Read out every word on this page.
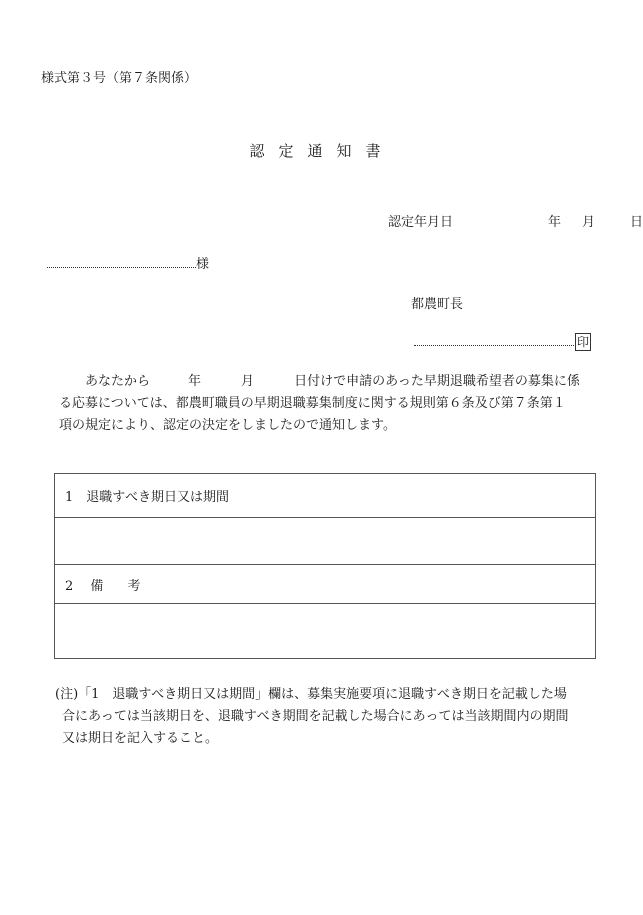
様式第３号（第７条関係）
認定通知書
認定年月日	年 月	日
様
都農町長
印

　　あなたから	年	月	日付けで申請のあった早期退職希望者の募集に係

る応募については、都農町職員の早期退職募集制度に関する規則第６条及び第７条第１

項の規定により、認定の決定をしましたので通知します。

1　退職すべき期日又は期間

2　 備 考

(注)「1　退職すべき期日又は期間」欄は、募集実施要項に退職すべき期日を記載した場
合にあっては当該期日を、退職すべき期間を記載した場合にあっては当該期間内の期間
又は期日を記入すること。
